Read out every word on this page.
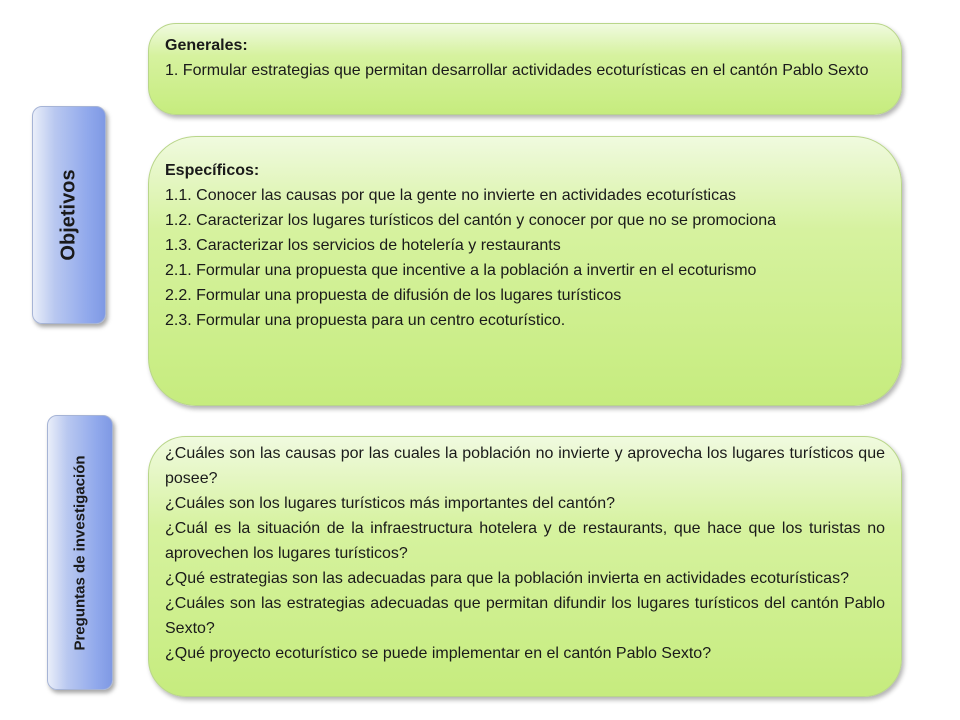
Objetivos
Preguntas de investigación
Generales:
1. Formular estrategias que permitan desarrollar actividades ecoturísticas en el cantón Pablo Sexto
Específicos:
1.1. Conocer las causas por que la gente no invierte en actividades ecoturísticas
1.2. Caracterizar los lugares turísticos del cantón y conocer por que no se promociona
1.3. Caracterizar los servicios de hotelería y restaurants
2.1. Formular una propuesta que incentive a la población a invertir en el ecoturismo
2.2. Formular una propuesta de difusión de los lugares turísticos
2.3. Formular una propuesta para un centro ecoturístico.
¿Cuáles son las causas por las cuales la población no invierte y aprovecha los lugares turísticos que posee?
¿Cuáles son los lugares turísticos más importantes del cantón?
¿Cuál es la situación de la infraestructura hotelera y de restaurants, que hace que los turistas no aprovechen los lugares turísticos?
¿Qué estrategias son las adecuadas para que la población invierta en actividades ecoturísticas?
¿Cuáles son las estrategias adecuadas que permitan difundir los lugares turísticos del cantón Pablo Sexto?
¿Qué proyecto ecoturístico se puede implementar en el cantón Pablo Sexto?
